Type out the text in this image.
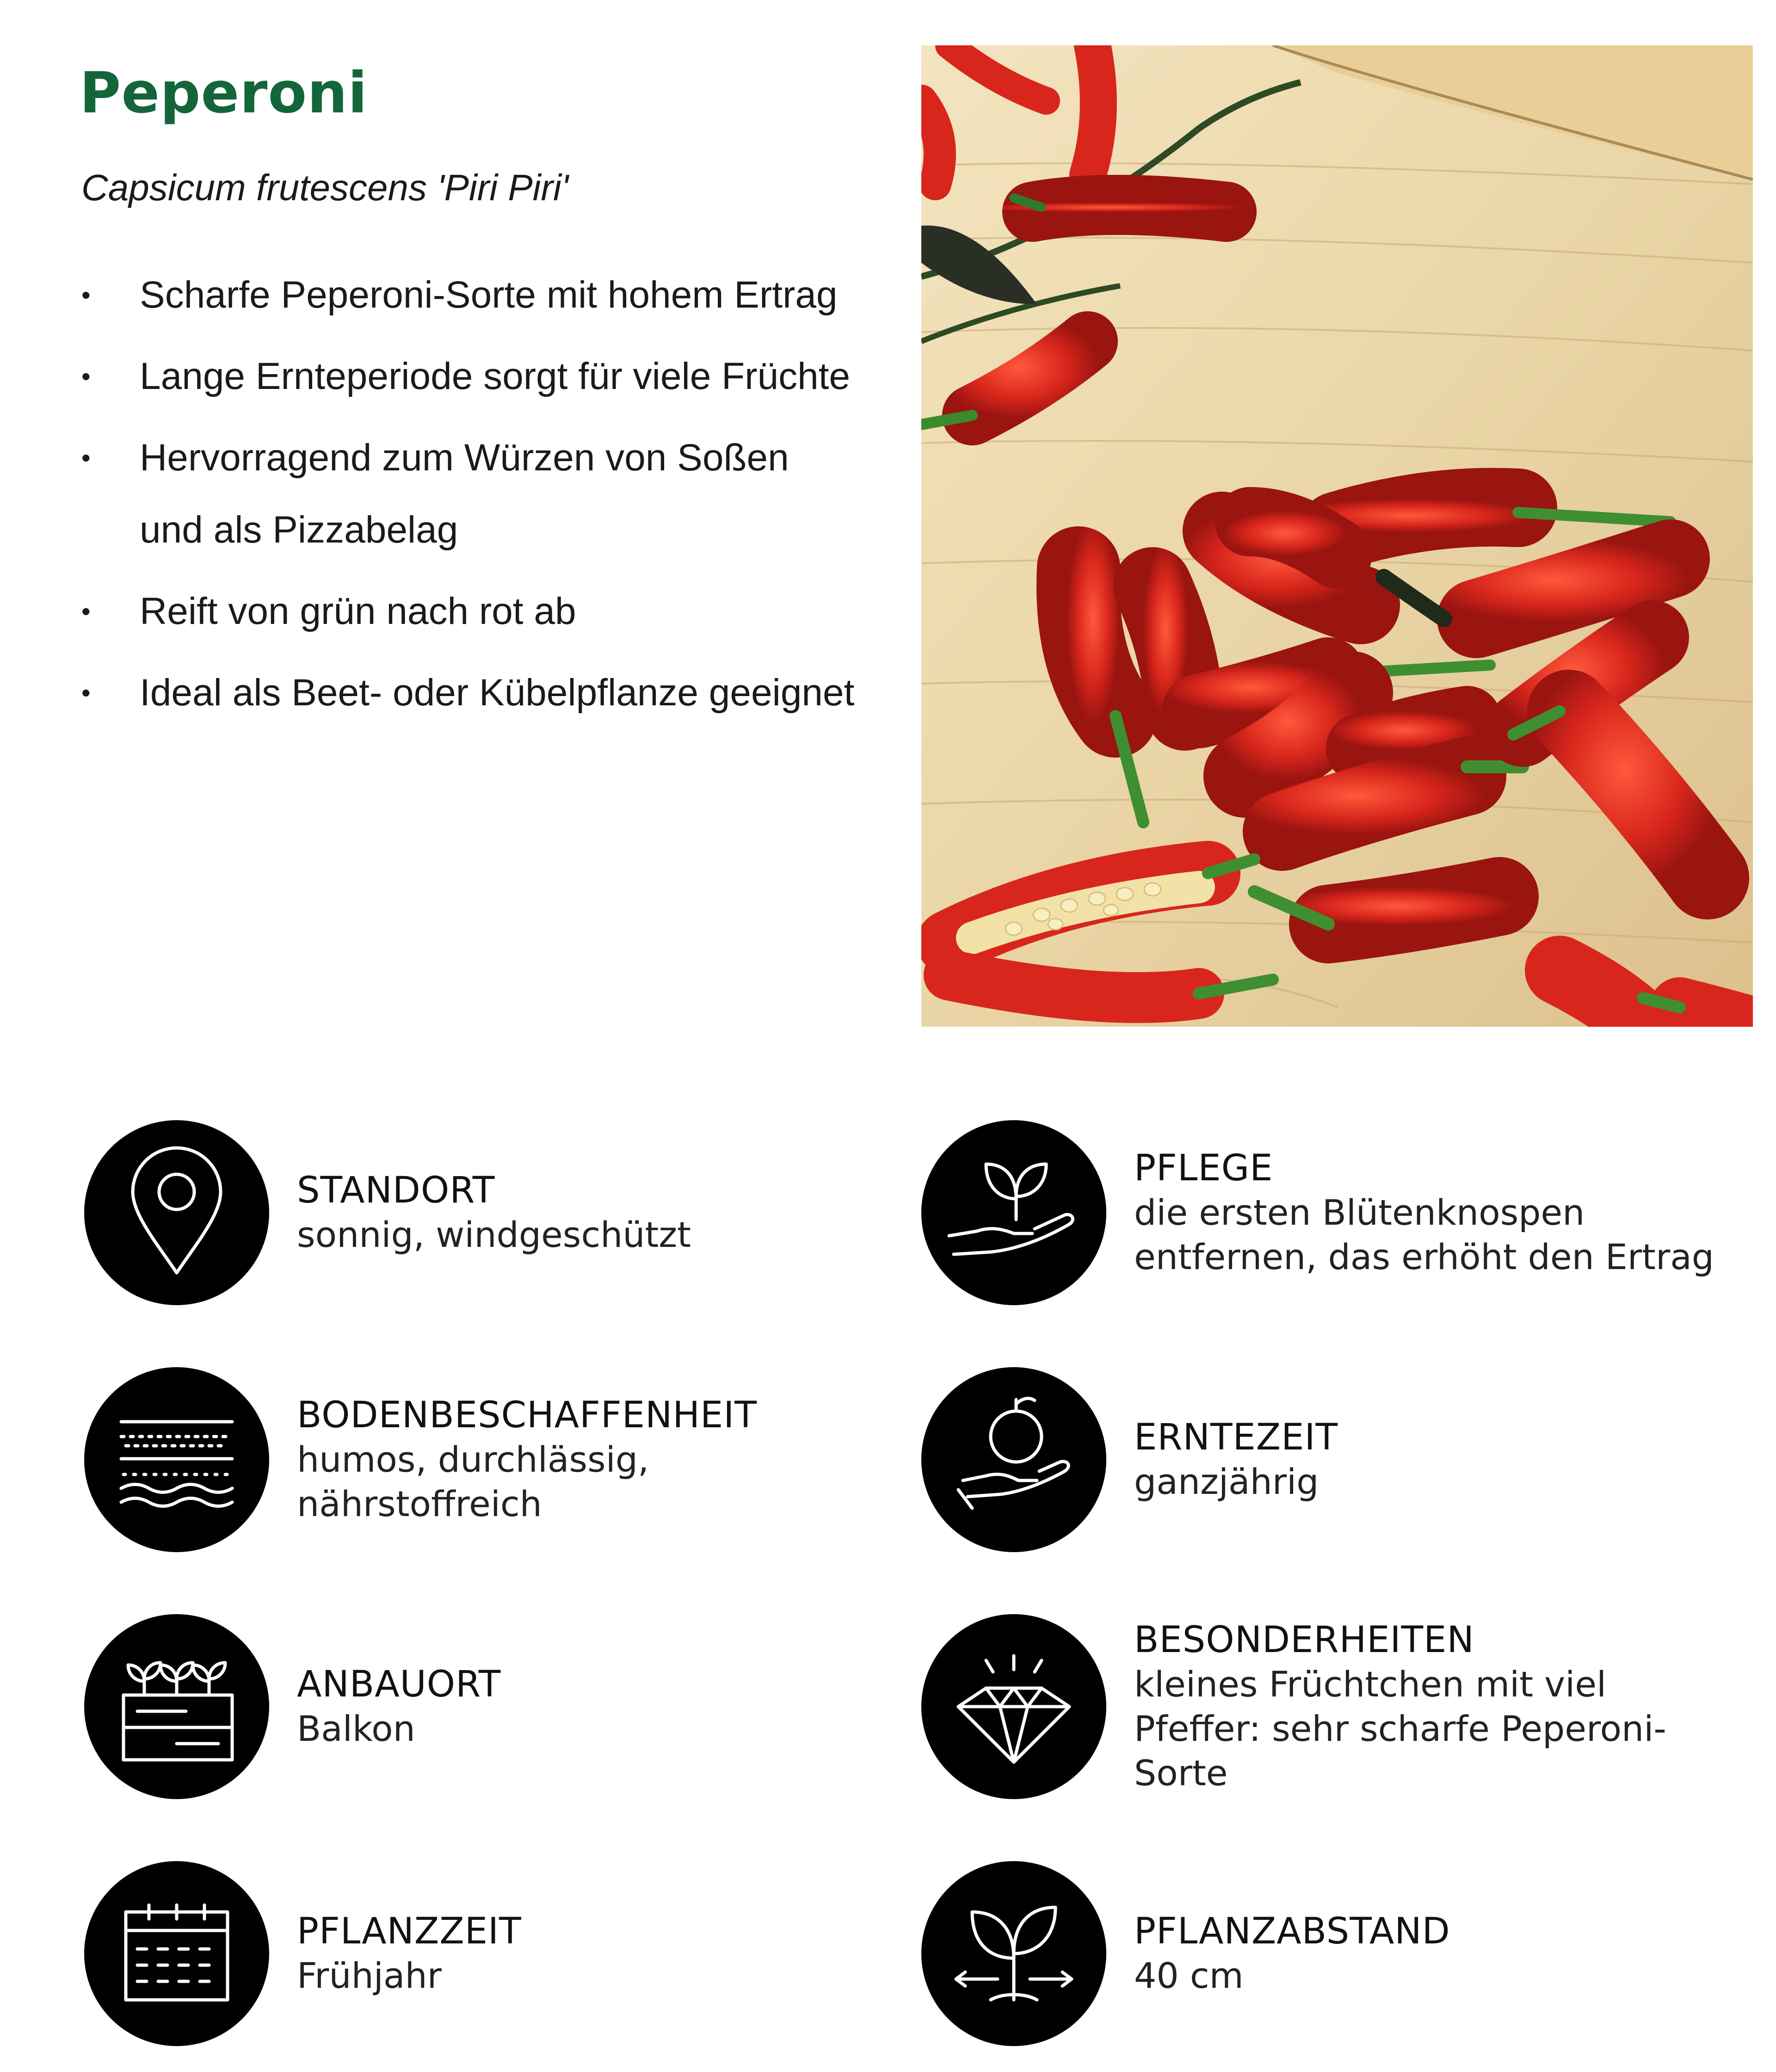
Peperoni
Capsicum frutescens 'Piri Piri'
• Scharfe Peperoni-Sorte mit hohem Ertrag
• Lange Ernteperiode sorgt für viele Früchte
• Hervorragend zum Würzen von Soßen und als Pizzabelag
• Reift von grün nach rot ab
• Ideal als Beet- oder Kübelpflanze geeignet
STANDORT
sonnig, windgeschützt
PFLEGE
die ersten Blütenknospen entfernen, das erhöht den Ertrag
BODENBESCHAFFENHEIT
humos, durchlässig, nährstoffreich
ERNTEZEIT
ganzjährig
ANBAUORT
Balkon
BESONDERHEITEN
kleines Früchtchen mit viel Pfeffer: sehr scharfe Peperoni-Sorte
PFLANZZEIT
Frühjahr
PFLANZABSTAND
40 cm
